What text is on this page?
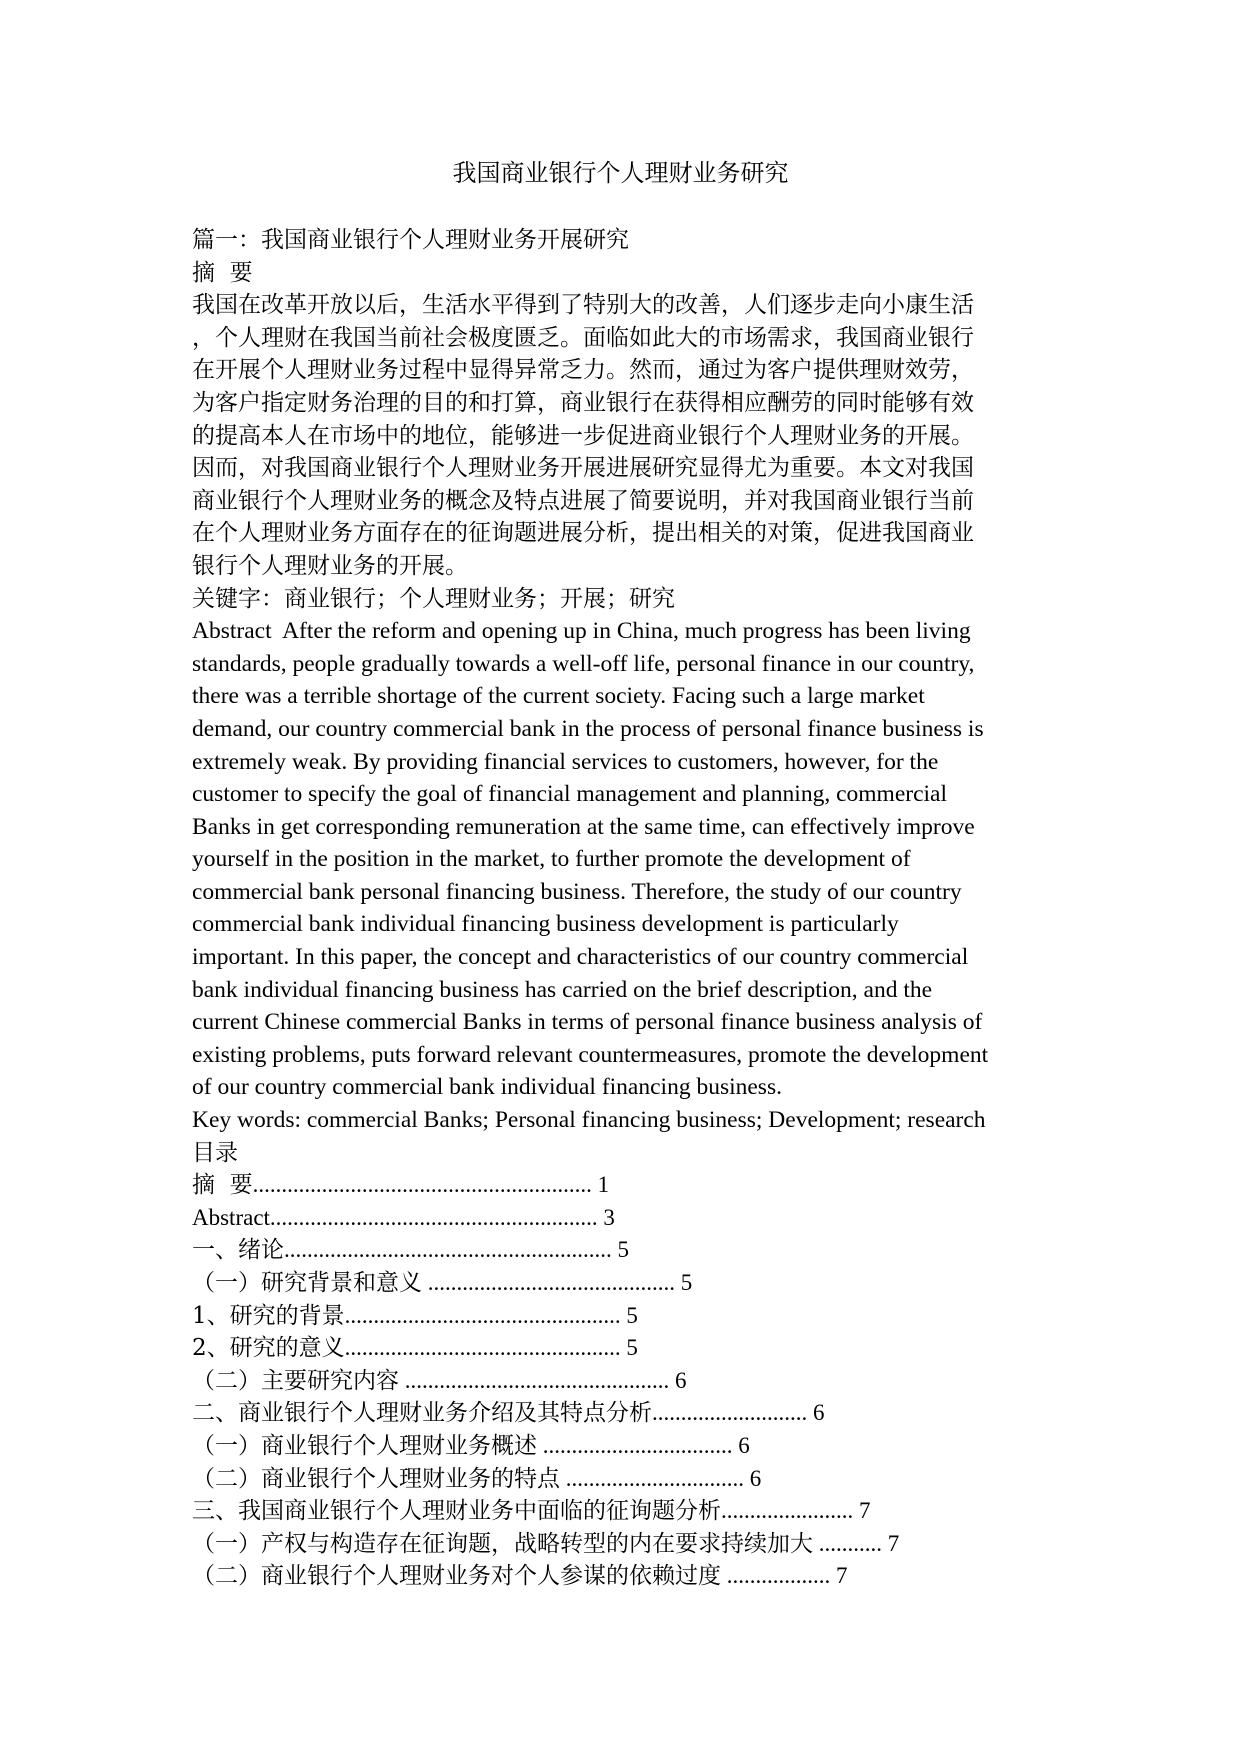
我国商业银行个人理财业务研究
篇一：我国商业银行个人理财业务开展研究
摘  要
我国在改革开放以后，生活水平得到了特别大的改善，人们逐步走向小康生活
，个人理财在我国当前社会极度匮乏。面临如此大的市场需求，我国商业银行
在开展个人理财业务过程中显得异常乏力。然而，通过为客户提供理财效劳，
为客户指定财务治理的目的和打算，商业银行在获得相应酬劳的同时能够有效
的提高本人在市场中的地位，能够进一步促进商业银行个人理财业务的开展。
因而，对我国商业银行个人理财业务开展进展研究显得尤为重要。本文对我国
商业银行个人理财业务的概念及特点进展了简要说明，并对我国商业银行当前
在个人理财业务方面存在的征询题进展分析，提出相关的对策，促进我国商业
银行个人理财业务的开展。
关键字：商业银行；个人理财业务；开展；研究
Abstract  After the reform and opening up in China, much progress has been living
standards, people gradually towards a well-off life, personal finance in our country,
there was a terrible shortage of the current society. Facing such a large market
demand, our country commercial bank in the process of personal finance business is
extremely weak. By providing financial services to customers, however, for the
customer to specify the goal of financial management and planning, commercial
Banks in get corresponding remuneration at the same time, can effectively improve
yourself in the position in the market, to further promote the development of
commercial bank personal financing business. Therefore, the study of our country
commercial bank individual financing business development is particularly
important. In this paper, the concept and characteristics of our country commercial
bank individual financing business has carried on the brief description, and the
current Chinese commercial Banks in terms of personal finance business analysis of
existing problems, puts forward relevant countermeasures, promote the development
of our country commercial bank individual financing business.
Key words: commercial Banks; Personal financing business; Development; research
目录
摘  要........................................................... 1
Abstract......................................................... 3
一、绪论......................................................... 5
（一）研究背景和意义 ........................................... 5
1、研究的背景................................................ 5
2、研究的意义................................................ 5
（二）主要研究内容 .............................................. 6
二、商业银行个人理财业务介绍及其特点分析........................... 6
（一）商业银行个人理财业务概述 ................................. 6
（二）商业银行个人理财业务的特点 ............................... 6
三、我国商业银行个人理财业务中面临的征询题分析....................... 7
（一）产权与构造存在征询题，战略转型的内在要求持续加大 ........... 7
（二）商业银行个人理财业务对个人参谋的依赖过度 .................. 7
